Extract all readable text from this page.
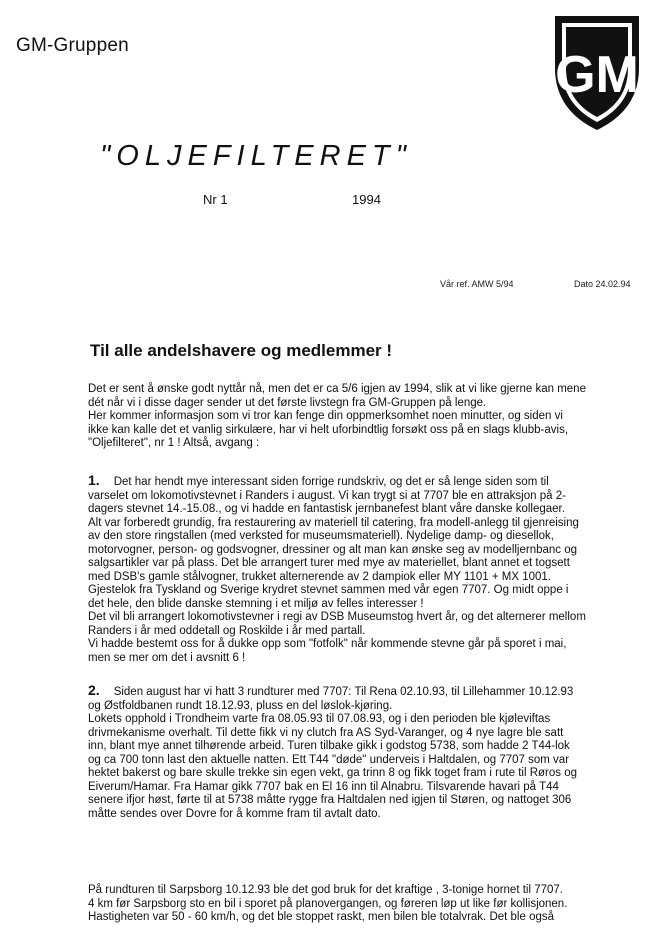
GM-Gruppen
GM
"OLJEFILTERET"
Nr 1	1994
Vår ref. AMW 5/94	Dato 24.02.94
Til alle andelshavere og medlemmer !
Det er sent å ønske godt nyttår nå, men det er ca 5/6 igjen av 1994, slik at vi like gjerne kan mene
dét når vi i disse dager sender ut det første livstegn fra GM-Gruppen på lenge.
Her kommer informasjon som vi tror kan fenge din oppmerksomhet noen minutter, og siden vi
ikke kan kalle det et vanlig sirkulære, har vi helt uforbindtlig forsøkt oss på en slags klubb-avis,
"Oljefilteret", nr 1 ! Altså, avgang :
1. Det har hendt mye interessant siden forrige rundskriv, og det er så lenge siden som til
varselet om lokomotivstevnet i Randers i august. Vi kan trygt si at 7707 ble en attraksjon på 2-
dagers stevnet 14.-15.08., og vi hadde en fantastisk jernbanefest blant våre danske kollegaer.
Alt var forberedt grundig, fra restaurering av materiell til catering, fra modell-anlegg til gjenreising
av den store ringstallen (med verksted for museumsmateriell). Nydelige damp- og diesellok,
motorvogner, person- og godsvogner, dressiner og alt man kan ønske seg av modelljernbanc og
salgsartikler var på plass. Det ble arrangert turer med mye av materiellet, blant annet et togsett
med DSB's gamle stålvogner, trukket alternerende av 2 dampiok eller MY 1101 + MX 1001.
Gjestelok fra Tyskland og Sverige krydret stevnet sammen med vår egen 7707. Og midt oppe i
det hele, den blide danske stemning i et miljø av felles interesser !
Det vil bli arrangert lokomotivstevner i regi av DSB Museumstog hvert år, og det alternerer mellom
Randers i år med oddetall og Roskilde i år med partall.
Vi hadde bestemt oss for å dukke opp som "fotfolk" når kommende stevne går på sporet i mai,
men se mer om det i avsnitt 6 !
2. Siden august har vi hatt 3 rundturer med 7707: Til Rena 02.10.93, til Lillehammer 10.12.93
og Østfoldbanen rundt 18.12.93, pluss en del løslok-kjøring.
Lokets opphold i Trondheim varte fra 08.05.93 til 07.08.93, og i den perioden ble kjøleviftas
drivmekanisme overhalt. Til dette fikk vi ny clutch fra AS Syd-Varanger, og 4 nye lagre ble satt
inn, blant mye annet tilhørende arbeid. Turen tilbake gikk i godstog 5738, som hadde 2 T44-lok
og ca 700 tonn last den aktuelle natten. Ett T44 "døde" underveis i Haltdalen, og 7707 som var
hektet bakerst og bare skulle trekke sin egen vekt, ga trinn 8 og fikk toget fram i rute til Røros og
Eiverum/Hamar. Fra Hamar gikk 7707 bak en El 16 inn til Alnabru. Tilsvarende havari på T44
senere ifjor høst, førte til at 5738 måtte rygge fra Haltdalen ned igjen til Støren, og nattoget 306
måtte sendes over Dovre for å komme fram til avtalt dato.
På rundturen til Sarpsborg 10.12.93 ble det god bruk for det kraftige , 3-tonige hornet til 7707.
4 km før Sarpsborg sto en bil i sporet på planovergangen, og føreren løp ut like før kollisjonen.
Hastigheten var 50 - 60 km/h, og det ble stoppet raskt, men bilen ble totalvrak. Det ble også
